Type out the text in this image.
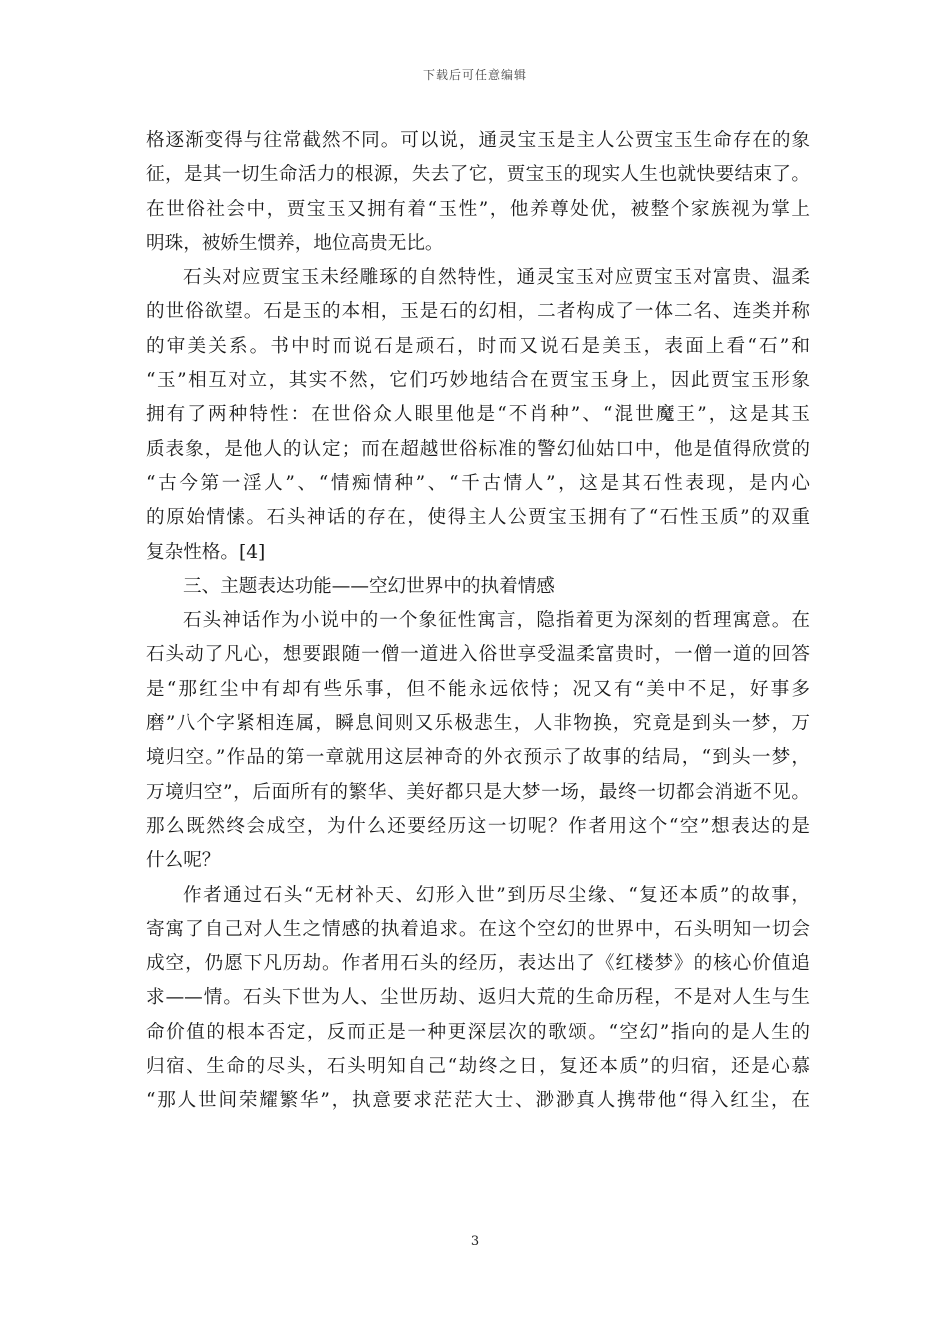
下载后可任意编辑
格逐渐变得与往常截然不同。可以说，通灵宝玉是主人公贾宝玉生命存在的象
征，是其一切生命活力的根源，失去了它，贾宝玉的现实人生也就快要结束了。
在世俗社会中，贾宝玉又拥有着“玉性”，他养尊处优，被整个家族视为掌上
明珠，被娇生惯养，地位高贵无比。
石头对应贾宝玉未经雕琢的自然特性，通灵宝玉对应贾宝玉对富贵、温柔
的世俗欲望。石是玉的本相，玉是石的幻相，二者构成了一体二名、连类并称
的审美关系。书中时而说石是顽石，时而又说石是美玉，表面上看“石”和
“玉”相互对立，其实不然，它们巧妙地结合在贾宝玉身上，因此贾宝玉形象
拥有了两种特性：在世俗众人眼里他是“不肖种”、“混世魔王”，这是其玉
质表象，是他人的认定；而在超越世俗标准的警幻仙姑口中，他是值得欣赏的
“古今第一淫人”、“情痴情种”、“千古情人”，这是其石性表现，是内心
的原始情愫。石头神话的存在，使得主人公贾宝玉拥有了“石性玉质”的双重
复杂性格。[4]
三、主题表达功能——空幻世界中的执着情感
石头神话作为小说中的一个象征性寓言，隐指着更为深刻的哲理寓意。在
石头动了凡心，想要跟随一僧一道进入俗世享受温柔富贵时，一僧一道的回答
是“那红尘中有却有些乐事，但不能永远依恃；况又有“美中不足，好事多
磨”八个字紧相连属，瞬息间则又乐极悲生，人非物换，究竟是到头一梦，万
境归空。”作品的第一章就用这层神奇的外衣预示了故事的结局，“到头一梦，
万境归空”，后面所有的繁华、美好都只是大梦一场，最终一切都会消逝不见。
那么既然终会成空，为什么还要经历这一切呢？作者用这个“空”想表达的是
什么呢？
作者通过石头“无材补天、幻形入世”到历尽尘缘、“复还本质”的故事，
寄寓了自己对人生之情感的执着追求。在这个空幻的世界中，石头明知一切会
成空，仍愿下凡历劫。作者用石头的经历，表达出了《红楼梦》的核心价值追
求——情。石头下世为人、尘世历劫、返归大荒的生命历程，不是对人生与生
命价值的根本否定，反而正是一种更深层次的歌颂。“空幻”指向的是人生的
归宿、生命的尽头，石头明知自己“劫终之日，复还本质”的归宿，还是心慕
“那人世间荣耀繁华”，执意要求茫茫大士、渺渺真人携带他“得入红尘，在
3
